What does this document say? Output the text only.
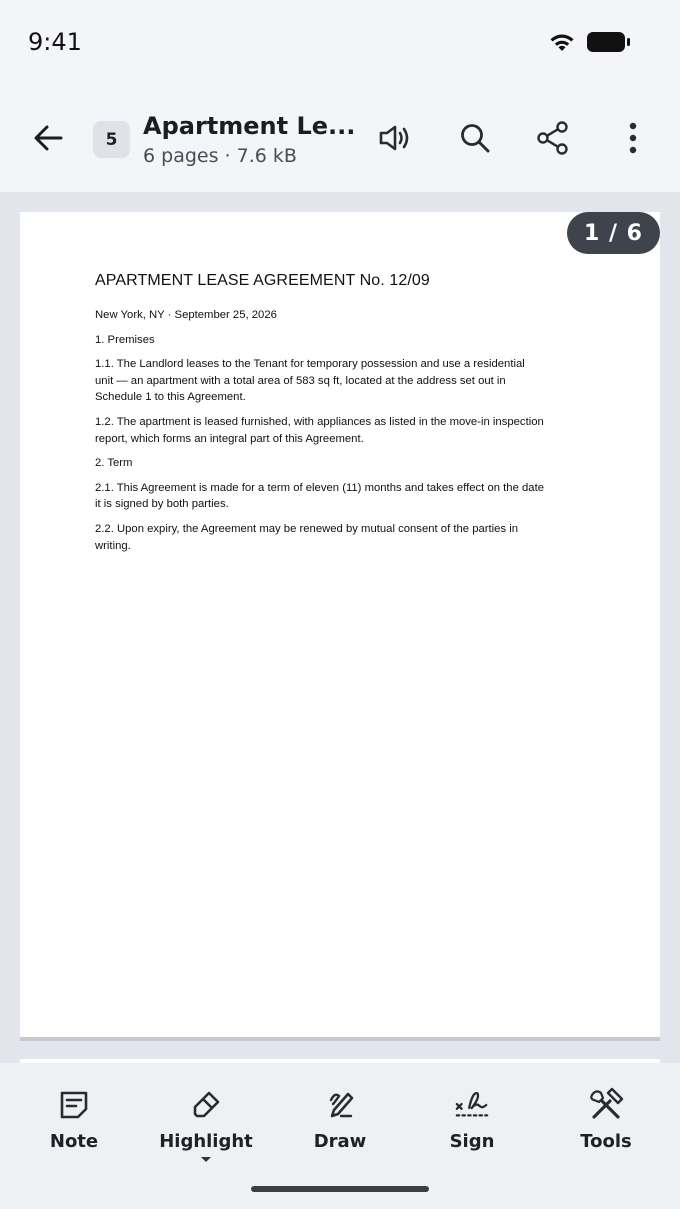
9:41
5	Apartment Le...
6 pages · 7.6 kB
APARTMENT LEASE AGREEMENT No. 12/09
New York, NY · September 25, 2026
1. Premises
1.1. The Landlord leases to the Tenant for temporary possession and use a residential unit — an apartment with a total area of 583 sq ft, located at the address set out in Schedule 1 to this Agreement.
1.2. The apartment is leased furnished, with appliances as listed in the move-in inspection report, which forms an integral part of this Agreement.
2. Term
2.1. This Agreement is made for a term of eleven (11) months and takes effect on the date it is signed by both parties.
2.2. Upon expiry, the Agreement may be renewed by mutual consent of the parties in writing.
1 / 6
Note	Highlight	Draw	Sign	Tools
